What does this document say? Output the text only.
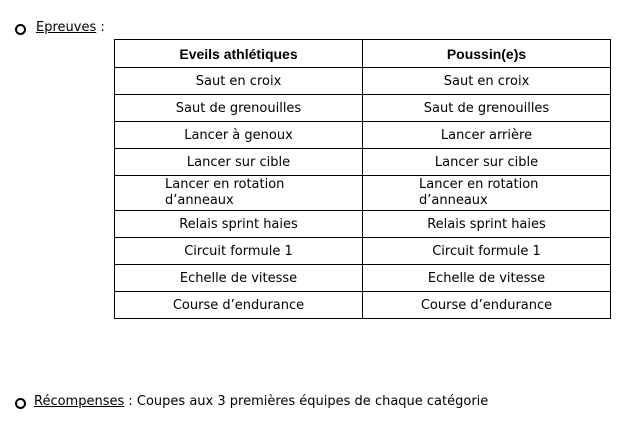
Epreuves :
Eveils athlétiques	Poussin(e)s
Saut en croix	Saut en croix
Saut de grenouilles	Saut de grenouilles
Lancer à genoux	Lancer arrière
Lancer sur cible	Lancer sur cible

Lancer en rotation d’anneaux	Lancer en rotation d’anneaux

Relais sprint haies	Relais sprint haies
Circuit formule 1	Circuit formule 1
Echelle de vitesse	Echelle de vitesse
Course d’endurance	Course d’endurance
Récompenses : Coupes aux 3 premières équipes de chaque catégorie
